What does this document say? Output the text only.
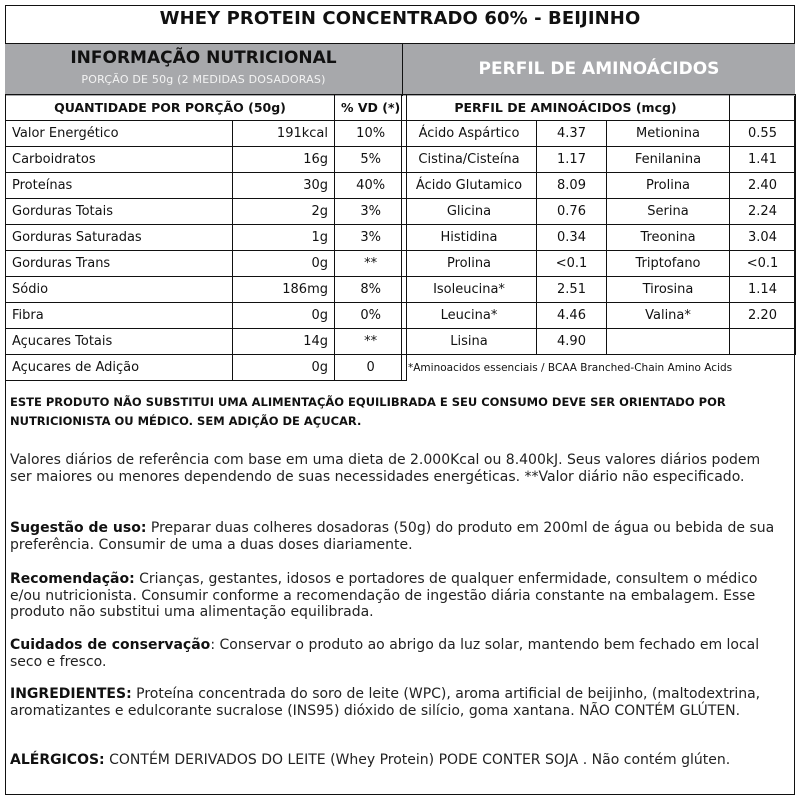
WHEY PROTEIN CONCENTRADO 60% - BEIJINHO
INFORMAÇÃO NUTRICIONAL
PORÇÃO DE 50g (2 MEDIDAS DOSADORAS)
PERFIL DE AMINOÁCIDOS
QUANTIDADE POR PORÇÃO (50g)		% VD (*)
Valor Energético	191kcal	10%
Carboidratos	16g	5%
Proteínas	30g	40%
Gorduras Totais	2g	3%
Gorduras Saturadas	1g	3%
Gorduras Trans	0g	**
Sódio	186mg	8%
Fibra	0g	0%
Açucares Totais	14g	**
Açucares de Adição	0g	0
PERFIL DE AMINOÁCIDOS (mcg)			
Ácido Aspártico	4.37	Metionina	0.55
Cistina/Cisteína	1.17	Fenilanina	1.41
Ácido Glutamico	8.09	Prolina	2.40
Glicina	0.76	Serina	2.24
Histidina	0.34	Treonina	3.04
Prolina	<0.1	Triptofano	<0.1
Isoleucina*	2.51	Tirosina	1.14
Leucina*	4.46	Valina*	2.20
Lisina	4.90		
*Aminoacidos essenciais / BCAA Branched-Chain Amino Acids			
ESTE PRODUTO NÃO SUBSTITUI UMA ALIMENTAÇÃO EQUILIBRADA E SEU CONSUMO DEVE SER ORIENTADO POR NUTRICIONISTA OU MÉDICO. SEM ADIÇÃO DE AÇUCAR.
Valores diários de referência com base em uma dieta de 2.000Kcal ou 8.400kJ. Seus valores diários podem ser maiores ou menores dependendo de suas necessidades energéticas. **Valor diário não especificado.
Sugestão de uso: Preparar duas colheres dosadoras (50g) do produto em 200ml de água ou bebida de sua preferência. Consumir de uma a duas doses diariamente.
Recomendação: Crianças, gestantes, idosos e portadores de qualquer enfermidade, consultem o médico e/ou nutricionista. Consumir conforme a recomendação de ingestão diária constante na embalagem. Esse produto não substitui uma alimentação equilibrada.
Cuidados de conservação: Conservar o produto ao abrigo da luz solar, mantendo bem fechado em local seco e fresco.
INGREDIENTES: Proteína concentrada do soro de leite (WPC), aroma artificial de beijinho, (maltodextrina, aromatizantes e edulcorante sucralose (INS95) dióxido de silício, goma xantana. NÃO CONTÉM GLÚTEN.
ALÉRGICOS: CONTÉM DERIVADOS DO LEITE (Whey Protein) PODE CONTER SOJA . Não contém glúten.
